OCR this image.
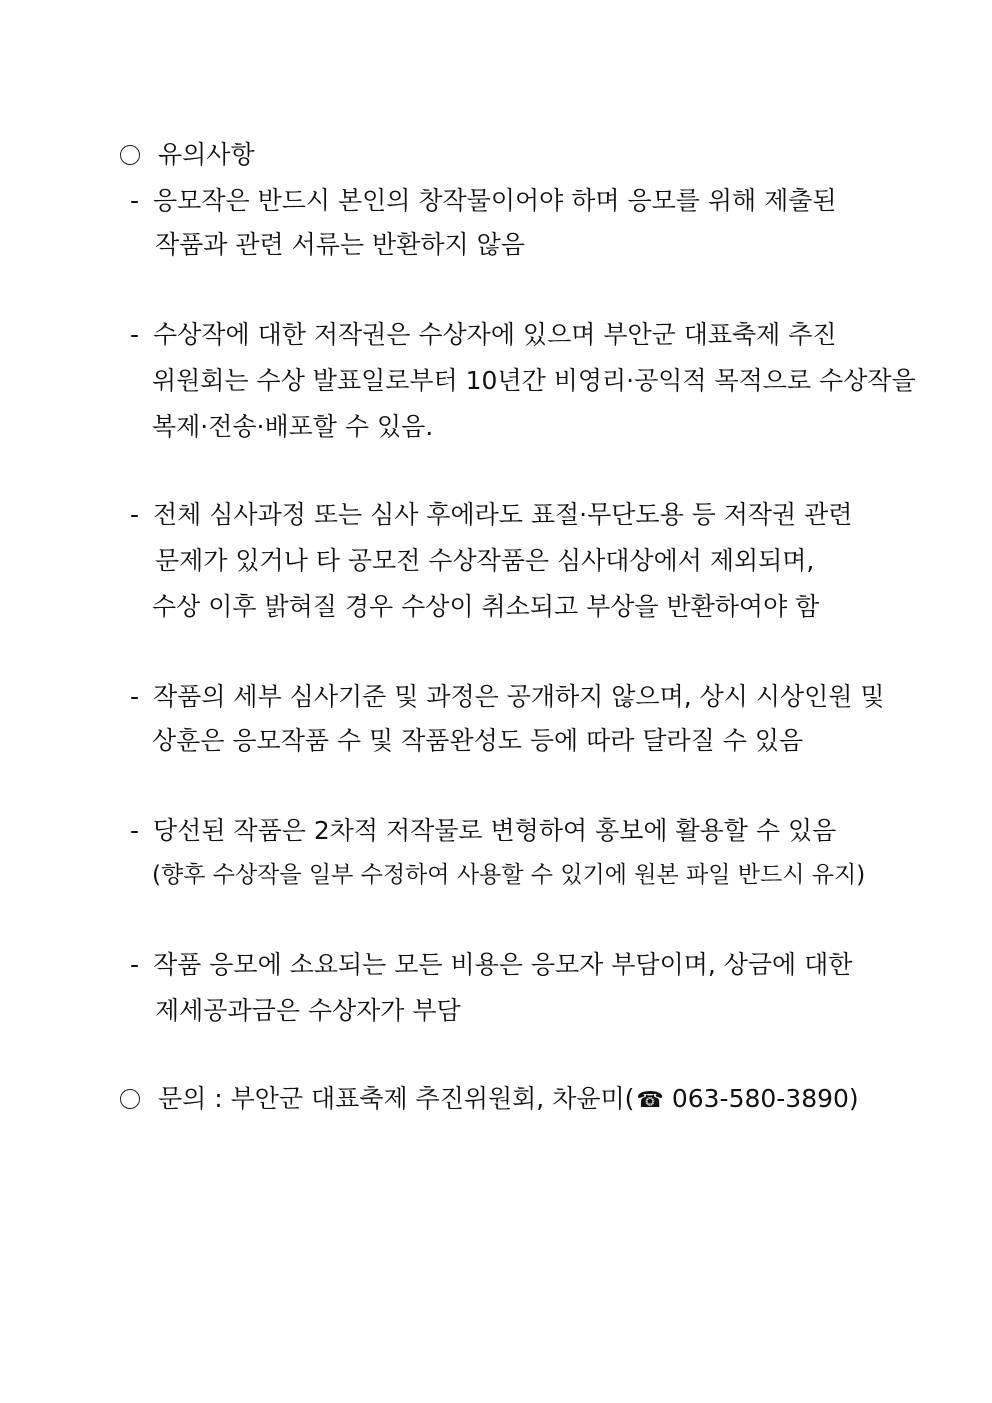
유의사항
- 응모작은 반드시 본인의 창작물이어야 하며 응모를 위해 제출된
작품과 관련 서류는 반환하지 않음
- 수상작에 대한 저작권은 수상자에 있으며 부안군 대표축제 추진
위원회는 수상 발표일로부터 10년간 비영리·공익적 목적으로 수상작을
복제·전송·배포할 수 있음.
- 전체 심사과정 또는 심사 후에라도 표절·무단도용 등 저작권 관련
문제가 있거나 타 공모전 수상작품은 심사대상에서 제외되며,
수상 이후 밝혀질 경우 수상이 취소되고 부상을 반환하여야 함
- 작품의 세부 심사기준 및 과정은 공개하지 않으며, 상시 시상인원 및
상훈은 응모작품 수 및 작품완성도 등에 따라 달라질 수 있음
- 당선된 작품은 2차적 저작물로 변형하여 홍보에 활용할 수 있음
(향후 수상작을 일부 수정하여 사용할 수 있기에 원본 파일 반드시 유지)
- 작품 응모에 소요되는 모든 비용은 응모자 부담이며, 상금에 대한
제세공과금은 수상자가 부담
문의 : 부안군 대표축제 추진위원회, 차윤미(☎ 063-580-3890)
